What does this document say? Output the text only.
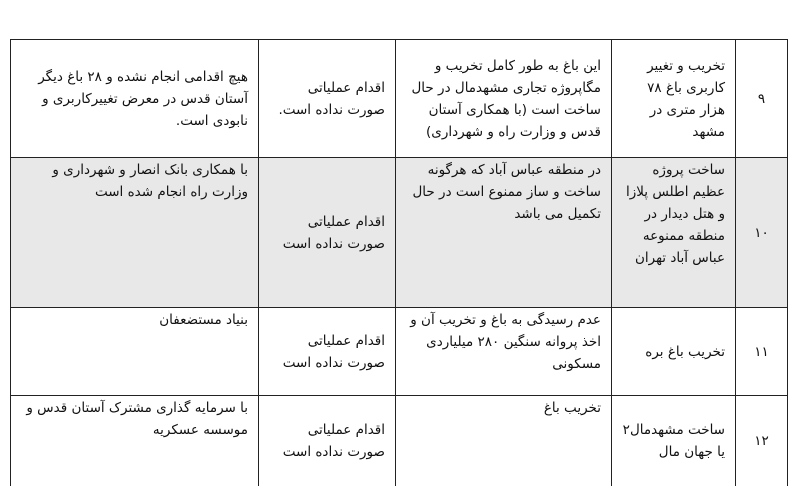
۹	تخریب و تغییر کاربری باغ ۷۸ هزار متری در مشهد	این باغ به طور کامل تخریب و مگاپروژه تجاری مشهدمال در حال ساخت است (با همکاری آستان قدس و وزارت راه و شهرداری)	اقدام عملیاتی صورت نداده است.	هیچ اقدامی انجام نشده و ۲۸ باغ دیگر آستان قدس در معرض تغییرکاربری و نابودی است.
۱۰	ساخت پروژه عظیم اطلس پلازا و هتل دیدار در منطقه ممنوعه عباس آباد تهران	در منطقه عباس آباد که هرگونه ساخت و ساز ممنوع است در حال تکمیل می باشد	اقدام عملیاتی صورت نداده است	با همکاری بانک انصار و شهرداری و وزارت راه انجام شده است
۱۱	تخریب باغ بره	عدم رسیدگی به باغ و تخریب آن و اخذ پروانه سنگین ۲۸۰ میلیاردی مسکونی	اقدام عملیاتی صورت نداده است	بنیاد مستضعفان
۱۲	ساخت مشهدمال۲ یا جهان مال	تخریب باغ	اقدام عملیاتی صورت نداده است	با سرمایه گذاری مشترک آستان قدس و موسسه عسکریه
